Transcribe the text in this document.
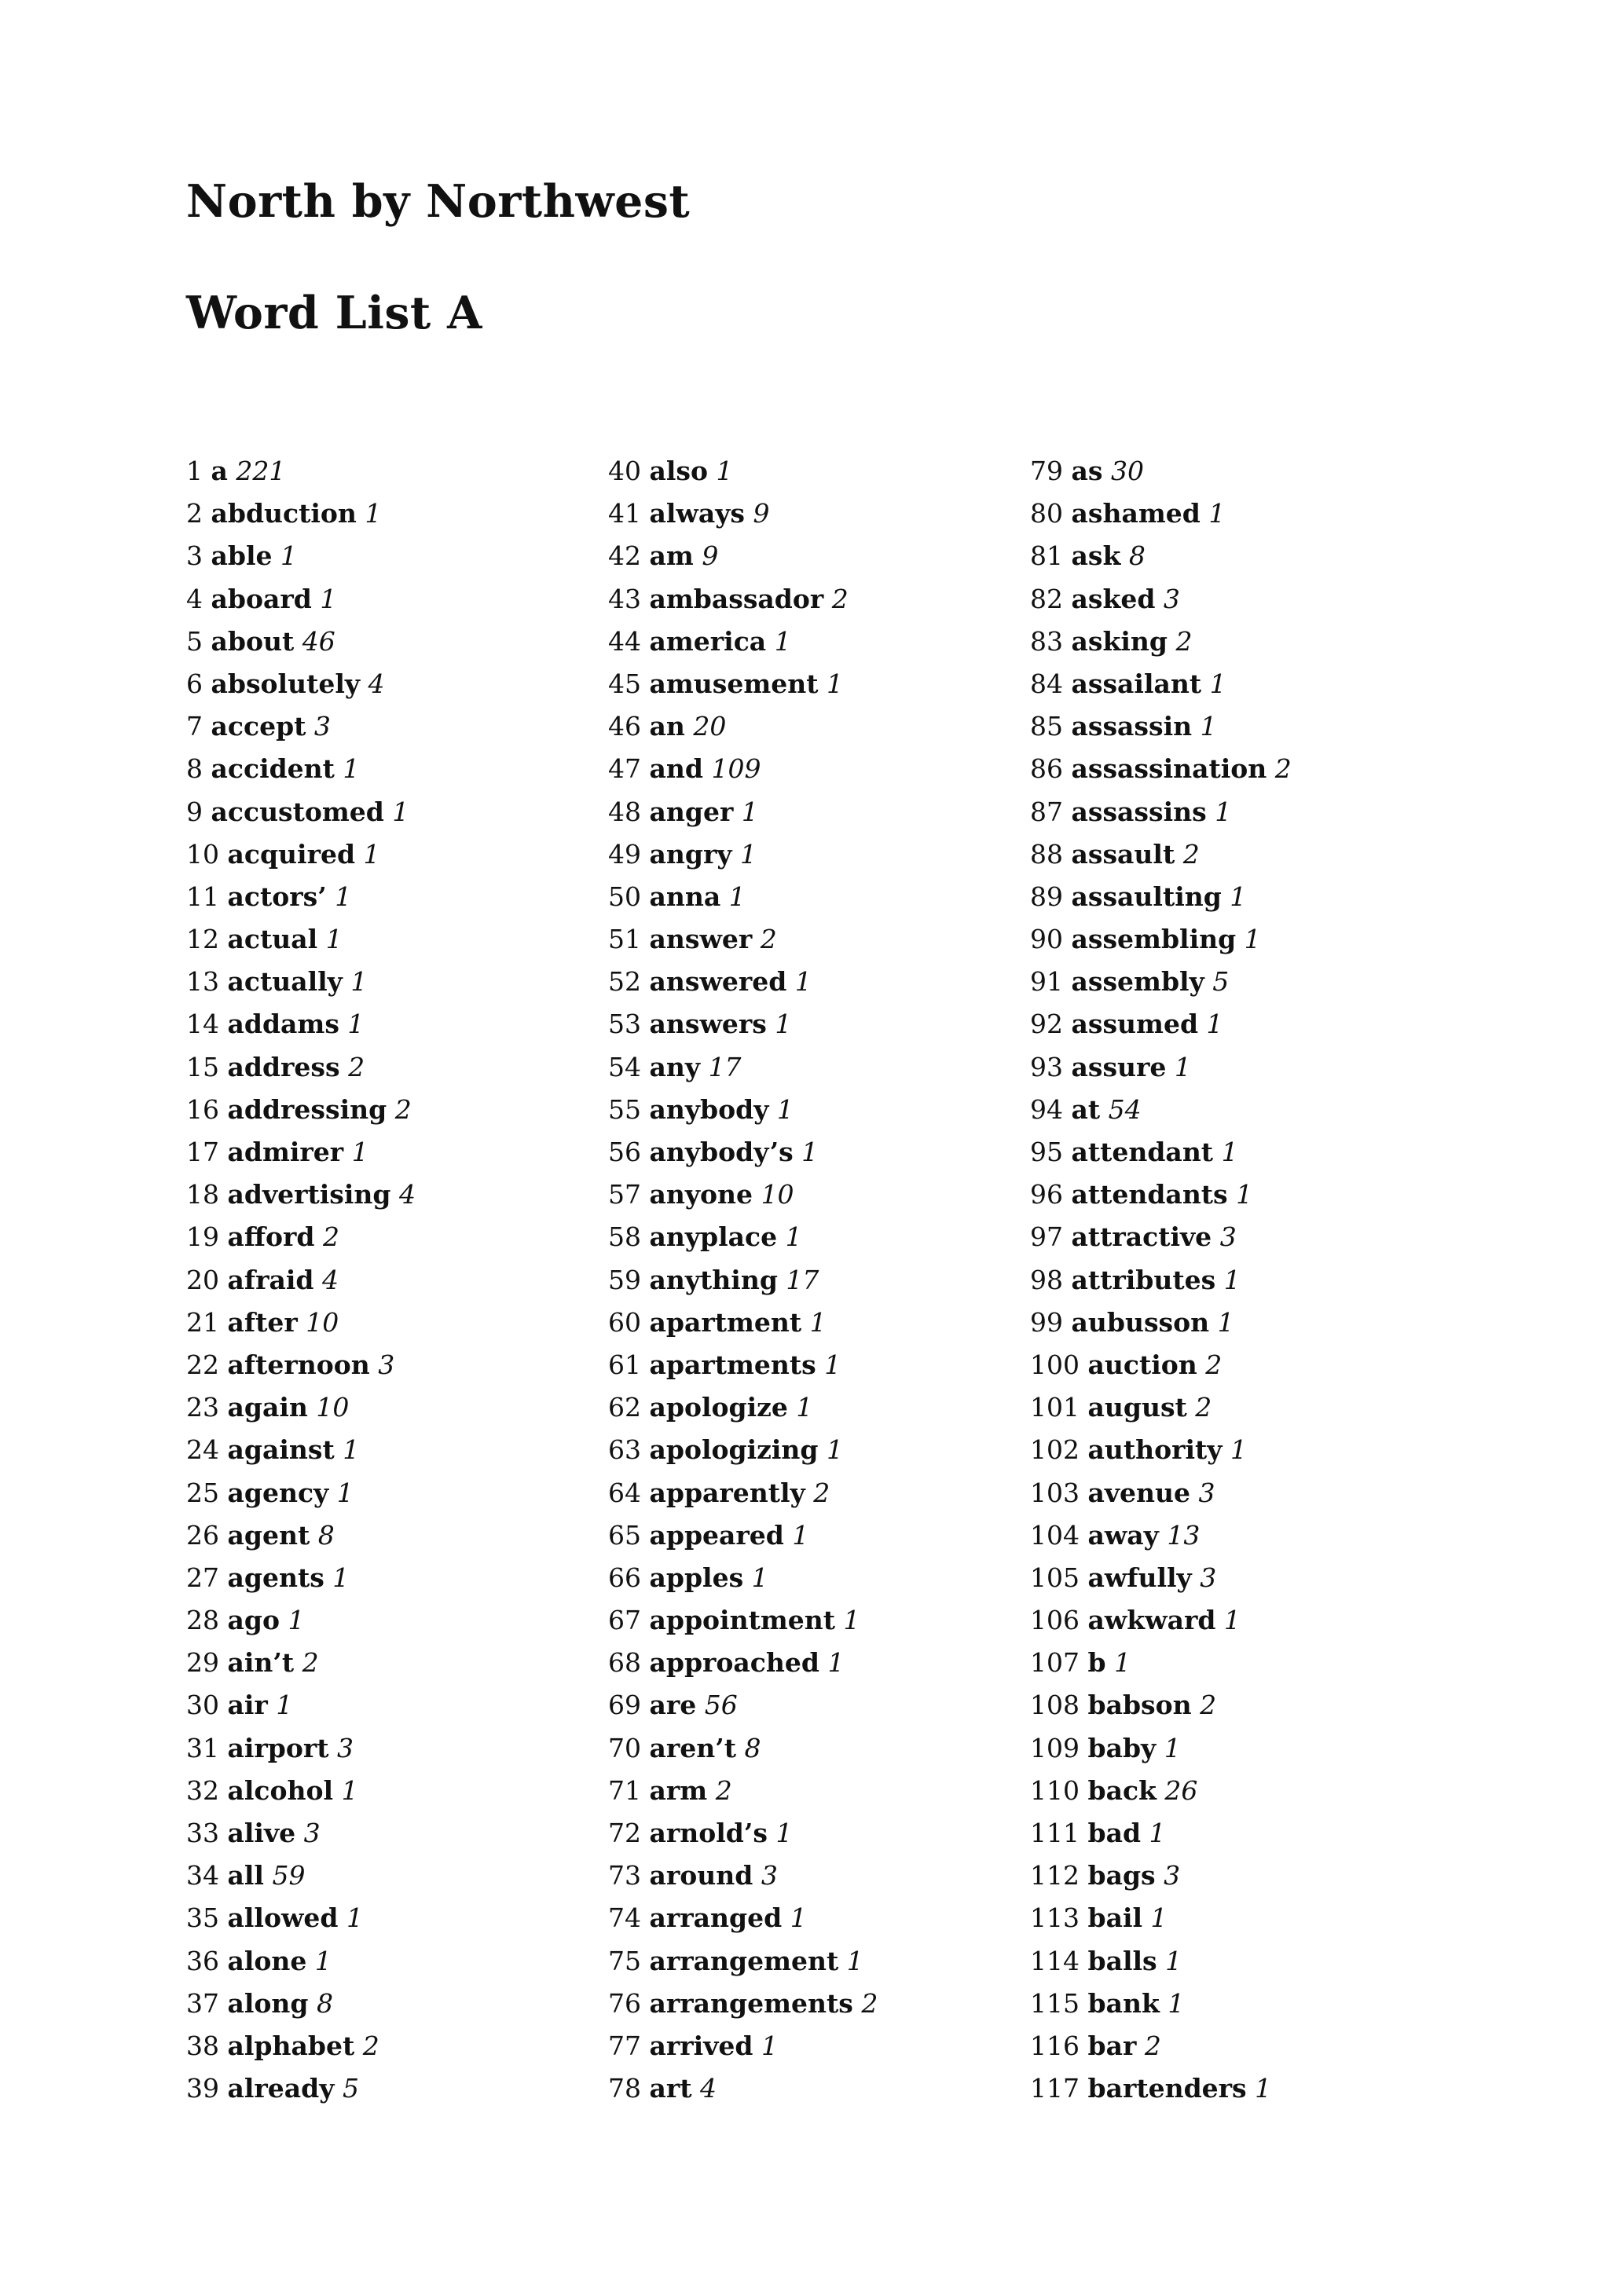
North by Northwest
Word List A
1 a 221
2 abduction 1
3 able 1
4 aboard 1
5 about 46
6 absolutely 4
7 accept 3
8 accident 1
9 accustomed 1
10 acquired 1
11 actors’ 1
12 actual 1
13 actually 1
14 addams 1
15 address 2
16 addressing 2
17 admirer 1
18 advertising 4
19 afford 2
20 afraid 4
21 after 10
22 afternoon 3
23 again 10
24 against 1
25 agency 1
26 agent 8
27 agents 1
28 ago 1
29 ain’t 2
30 air 1
31 airport 3
32 alcohol 1
33 alive 3
34 all 59
35 allowed 1
36 alone 1
37 along 8
38 alphabet 2
39 already 5
40 also 1
41 always 9
42 am 9
43 ambassador 2
44 america 1
45 amusement 1
46 an 20
47 and 109
48 anger 1
49 angry 1
50 anna 1
51 answer 2
52 answered 1
53 answers 1
54 any 17
55 anybody 1
56 anybody’s 1
57 anyone 10
58 anyplace 1
59 anything 17
60 apartment 1
61 apartments 1
62 apologize 1
63 apologizing 1
64 apparently 2
65 appeared 1
66 apples 1
67 appointment 1
68 approached 1
69 are 56
70 aren’t 8
71 arm 2
72 arnold’s 1
73 around 3
74 arranged 1
75 arrangement 1
76 arrangements 2
77 arrived 1
78 art 4
79 as 30
80 ashamed 1
81 ask 8
82 asked 3
83 asking 2
84 assailant 1
85 assassin 1
86 assassination 2
87 assassins 1
88 assault 2
89 assaulting 1
90 assembling 1
91 assembly 5
92 assumed 1
93 assure 1
94 at 54
95 attendant 1
96 attendants 1
97 attractive 3
98 attributes 1
99 aubusson 1
100 auction 2
101 august 2
102 authority 1
103 avenue 3
104 away 13
105 awfully 3
106 awkward 1
107 b 1
108 babson 2
109 baby 1
110 back 26
111 bad 1
112 bags 3
113 bail 1
114 balls 1
115 bank 1
116 bar 2
117 bartenders 1
